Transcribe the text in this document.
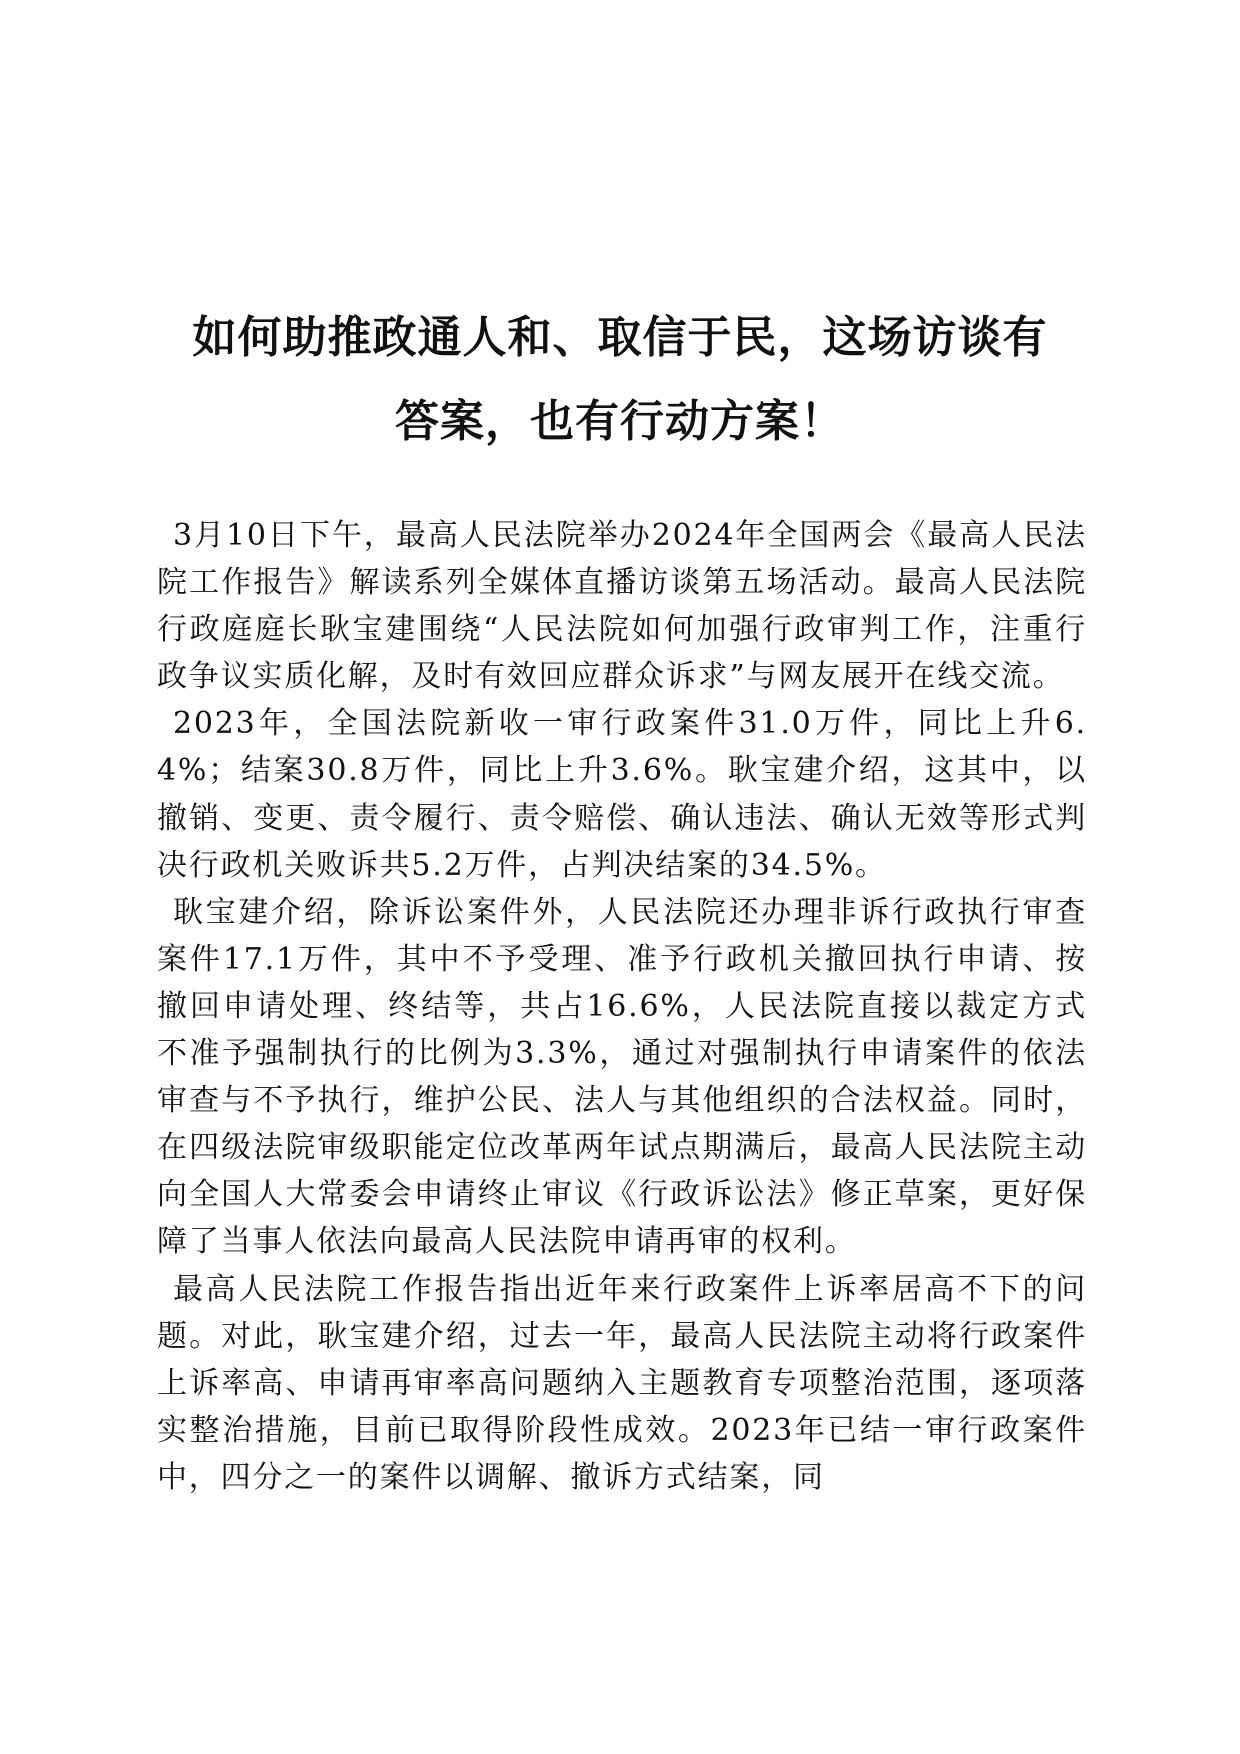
如何助推政通人和、取信于民，这场访谈有
答案，也有行动方案！

3月10日下午，最高人民法院举办2024年全国两会《最高人民法院工作报告》解读系列全媒体直播访谈第五场活动。最高人民法院行政庭庭长耿宝建围绕“人民法院如何加强行政审判工作，注重行政争议实质化解，及时有效回应群众诉求”与网友展开在线交流。

2023年，全国法院新收一审行政案件31.0万件，同比上升6.4%；结案30.8万件，同比上升3.6%。耿宝建介绍，这其中，以撤销、变更、责令履行、责令赔偿、确认违法、确认无效等形式判决行政机关败诉共5.2万件，占判决结案的34.5%。

耿宝建介绍，除诉讼案件外，人民法院还办理非诉行政执行审查案件17.1万件，其中不予受理、准予行政机关撤回执行申请、按撤回申请处理、终结等，共占16.6%，人民法院直接以裁定方式不准予强制执行的比例为3.3%，通过对强制执行申请案件的依法审查与不予执行，维护公民、法人与其他组织的合法权益。同时，在四级法院审级职能定位改革两年试点期满后，最高人民法院主动向全国人大常委会申请终止审议《行政诉讼法》修正草案，更好保障了当事人依法向最高人民法院申请再审的权利。

最高人民法院工作报告指出近年来行政案件上诉率居高不下的问题。对此，耿宝建介绍，过去一年，最高人民法院主动将行政案件上诉率高、申请再审率高问题纳入主题教育专项整治范围，逐项落实整治措施，目前已取得阶段性成效。2023年已结一审行政案件中，四分之一的案件以调解、撤诉方式结案，同
